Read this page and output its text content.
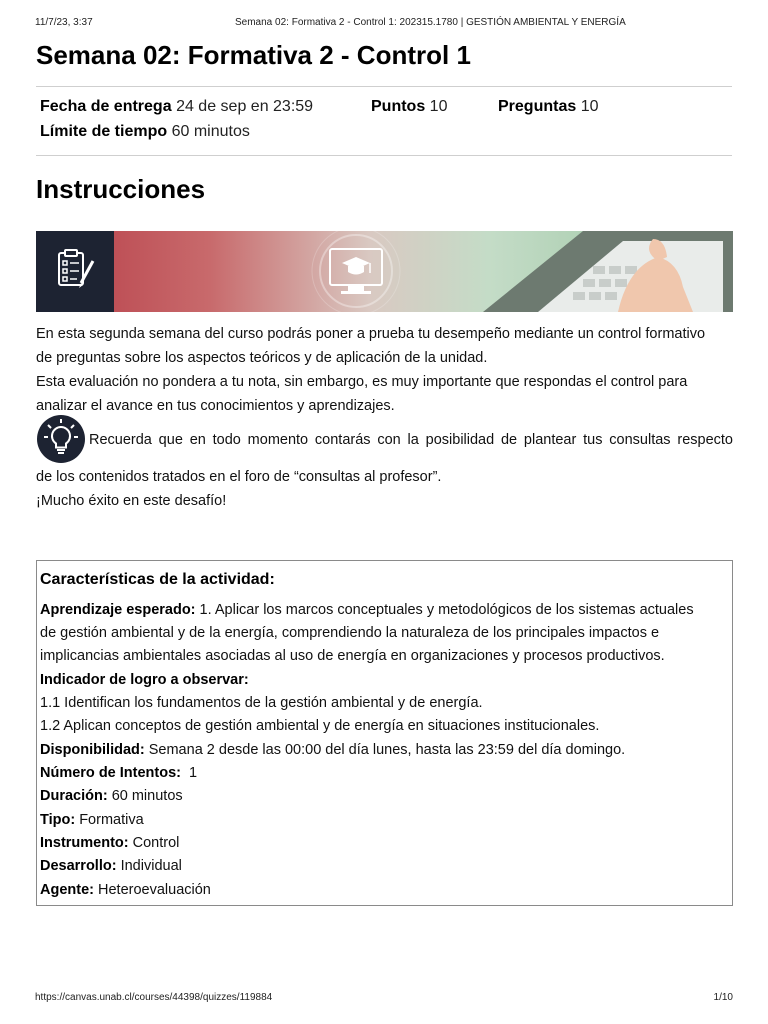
11/7/23, 3:37	Semana 02: Formativa 2 - Control 1: 202315.1780 | GESTIÓN AMBIENTAL Y ENERGÍA
Semana 02: Formativa 2 - Control 1
Fecha de entrega 24 de sep en 23:59	Puntos 10	Preguntas 10
Límite de tiempo 60 minutos
Instrucciones

En esta segunda semana del curso podrás poner a prueba tu desempeño mediante un control formativo
de preguntas sobre los aspectos teóricos y de aplicación de la unidad.
Esta evaluación no pondera a tu nota, sin embargo, es muy importante que respondas el control para
analizar el avance en tus conocimientos y aprendizajes.

Recuerda que en todo momento contarás con la posibilidad de plantear tus consultas respecto

de los contenidos tratados en el foro de “consultas al profesor”.
¡Mucho éxito en este desafío!

Características de la actividad:
Aprendizaje esperado: 1. Aplicar los marcos conceptuales y metodológicos de los sistemas actuales
de gestión ambiental y de la energía, comprendiendo la naturaleza de los principales impactos e
implicancias ambientales asociadas al uso de energía en organizaciones y procesos productivos.
Indicador de logro a observar:
1.1 Identifican los fundamentos de la gestión ambiental y de energía.
1.2 Aplican conceptos de gestión ambiental y de energía en situaciones institucionales.
Disponibilidad: Semana 2 desde las 00:00 del día lunes, hasta las 23:59 del día domingo.
Número de Intentos:  1
Duración: 60 minutos
Tipo: Formativa
Instrumento: Control
Desarrollo: Individual
Agente: Heteroevaluación
https://canvas.unab.cl/courses/44398/quizzes/119884	1/10
